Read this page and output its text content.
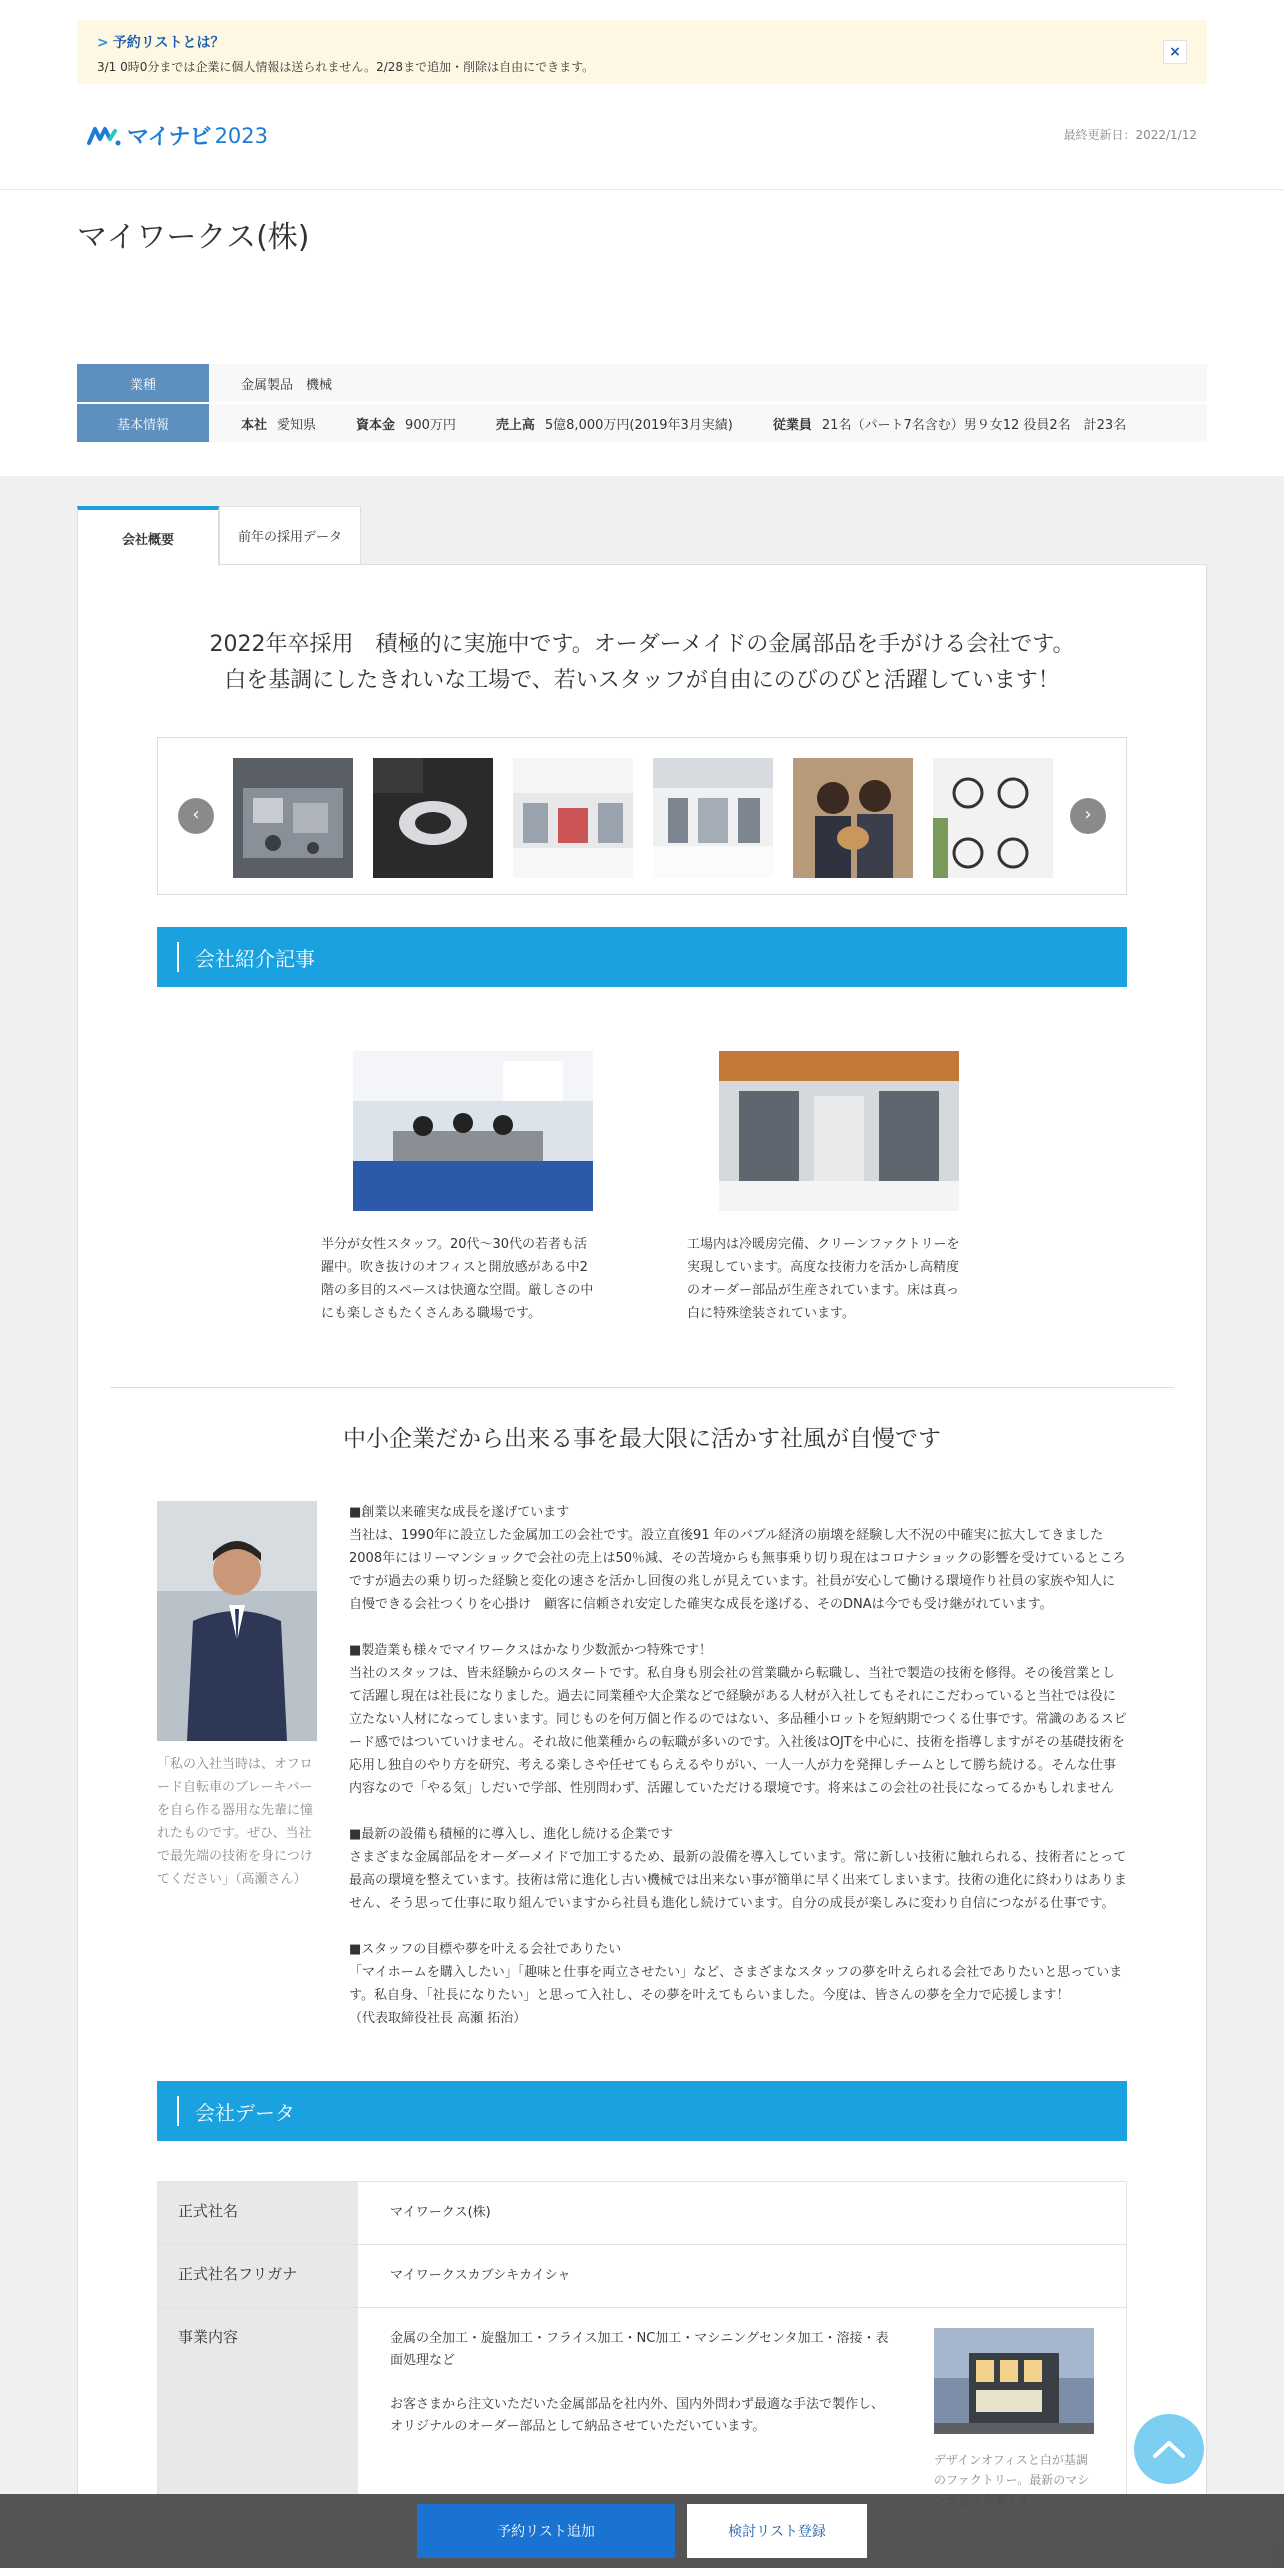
> 予約リストとは？
3/1 0時0分までは企業に個人情報は送られません。2/28まで追加・削除は自由にできます。
×
マイナビ 2023	最終更新日：2022/1/12
マイワークス(株)
業種	金属製品　機械
基本情報	本社 愛知県	資本金 900万円	売上高 5億8,000万円(2019年3月実績)	従業員 21名（パート7名含む）男９女12 役員2名　計23名
会社概要	前年の採用データ
2022年卒採用　積極的に実施中です。オーダーメイドの金属部品を手がける会社です。
白を基調にしたきれいな工場で、若いスタッフが自由にのびのびと活躍しています！
‹	›
会社紹介記事
半分が女性スタッフ。20代～30代の若者も活躍中。吹き抜けのオフィスと開放感がある中2階の多目的スペースは快適な空間。厳しさの中にも楽しさもたくさんある職場です。
工場内は冷暖房完備、クリーンファクトリーを実現しています。高度な技術力を活かし高精度のオーダー部品が生産されています。床は真っ白に特殊塗装されています。
中小企業だから出来る事を最大限に活かす社風が自慢です
「私の入社当時は、オフロード自転車のブレーキバーを自ら作る器用な先輩に憧れたものです。ぜひ、当社で最先端の技術を身につけてください」（高瀬さん）

■創業以来確実な成長を遂げています
当社は、1990年に設立した金属加工の会社です。設立直後91 年のバブル経済の崩壊を経験し大不況の中確実に拡大してきました2008年にはリーマンショックで会社の売上は50％減、その苦境からも無事乗り切り現在はコロナショックの影響を受けているところですが過去の乗り切った経験と変化の速さを活かし回復の兆しが見えています。社員が安心して働ける環境作り社員の家族や知人に自慢できる会社つくりを心掛け　顧客に信頼され安定した確実な成長を遂げる、そのDNAは今でも受け継がれています。

■製造業も様々でマイワークスはかなり少数派かつ特殊です！
当社のスタッフは、皆未経験からのスタートです。私自身も別会社の営業職から転職し、当社で製造の技術を修得。その後営業として活躍し現在は社長になりました。過去に同業種や大企業などで経験がある人材が入社してもそれにこだわっていると当社では役に立たない人材になってしまいます。同じものを何万個と作るのではない、多品種小ロットを短納期でつくる仕事です。常識のあるスピード感ではついていけません。それ故に他業種からの転職が多いのです。入社後はOJTを中心に、技術を指導しますがその基礎技術を応用し独自のやり方を研究、考える楽しさや任せてもらえるやりがい、一人一人が力を発揮しチームとして勝ち続ける。そんな仕事内容なので「やる気」しだいで学部、性別問わず、活躍していただける環境です。将来はこの会社の社長になってるかもしれません

■最新の設備も積極的に導入し、進化し続ける企業です
さまざまな金属部品をオーダーメイドで加工するため、最新の設備を導入しています。常に新しい技術に触れられる、技術者にとって最高の環境を整えています。技術は常に進化し古い機械では出来ない事が簡単に早く出来てしまいます。技術の進化に終わりはありません、そう思って仕事に取り組んでいますから社員も進化し続けています。自分の成長が楽しみに変わり自信につながる仕事です。

■スタッフの目標や夢を叶える会社でありたい
「マイホームを購入したい」「趣味と仕事を両立させたい」など、さまざまなスタッフの夢を叶えられる会社でありたいと思っています。私自身、「社長になりたい」と思って入社し、その夢を叶えてもらいました。今度は、皆さんの夢を全力で応援します！
（代表取締役社長 高瀬 拓治）

会社データ
正式社名	マイワークス(株)
正式社名フリガナ	マイワークスカブシキカイシャ
事業内容	金属の全加工・旋盤加工・フライス加工・NC加工・マシニングセンタ加工・溶接・表面処理など

お客さまから注文いただいた金属部品を社内外、国内外問わず最適な手法で製作し、オリジナルのオーダー部品として納品させていただいています。

デザインオフィスと白が基調のファクトリー。最新のマシ
予約リスト追加	検討リスト登録
